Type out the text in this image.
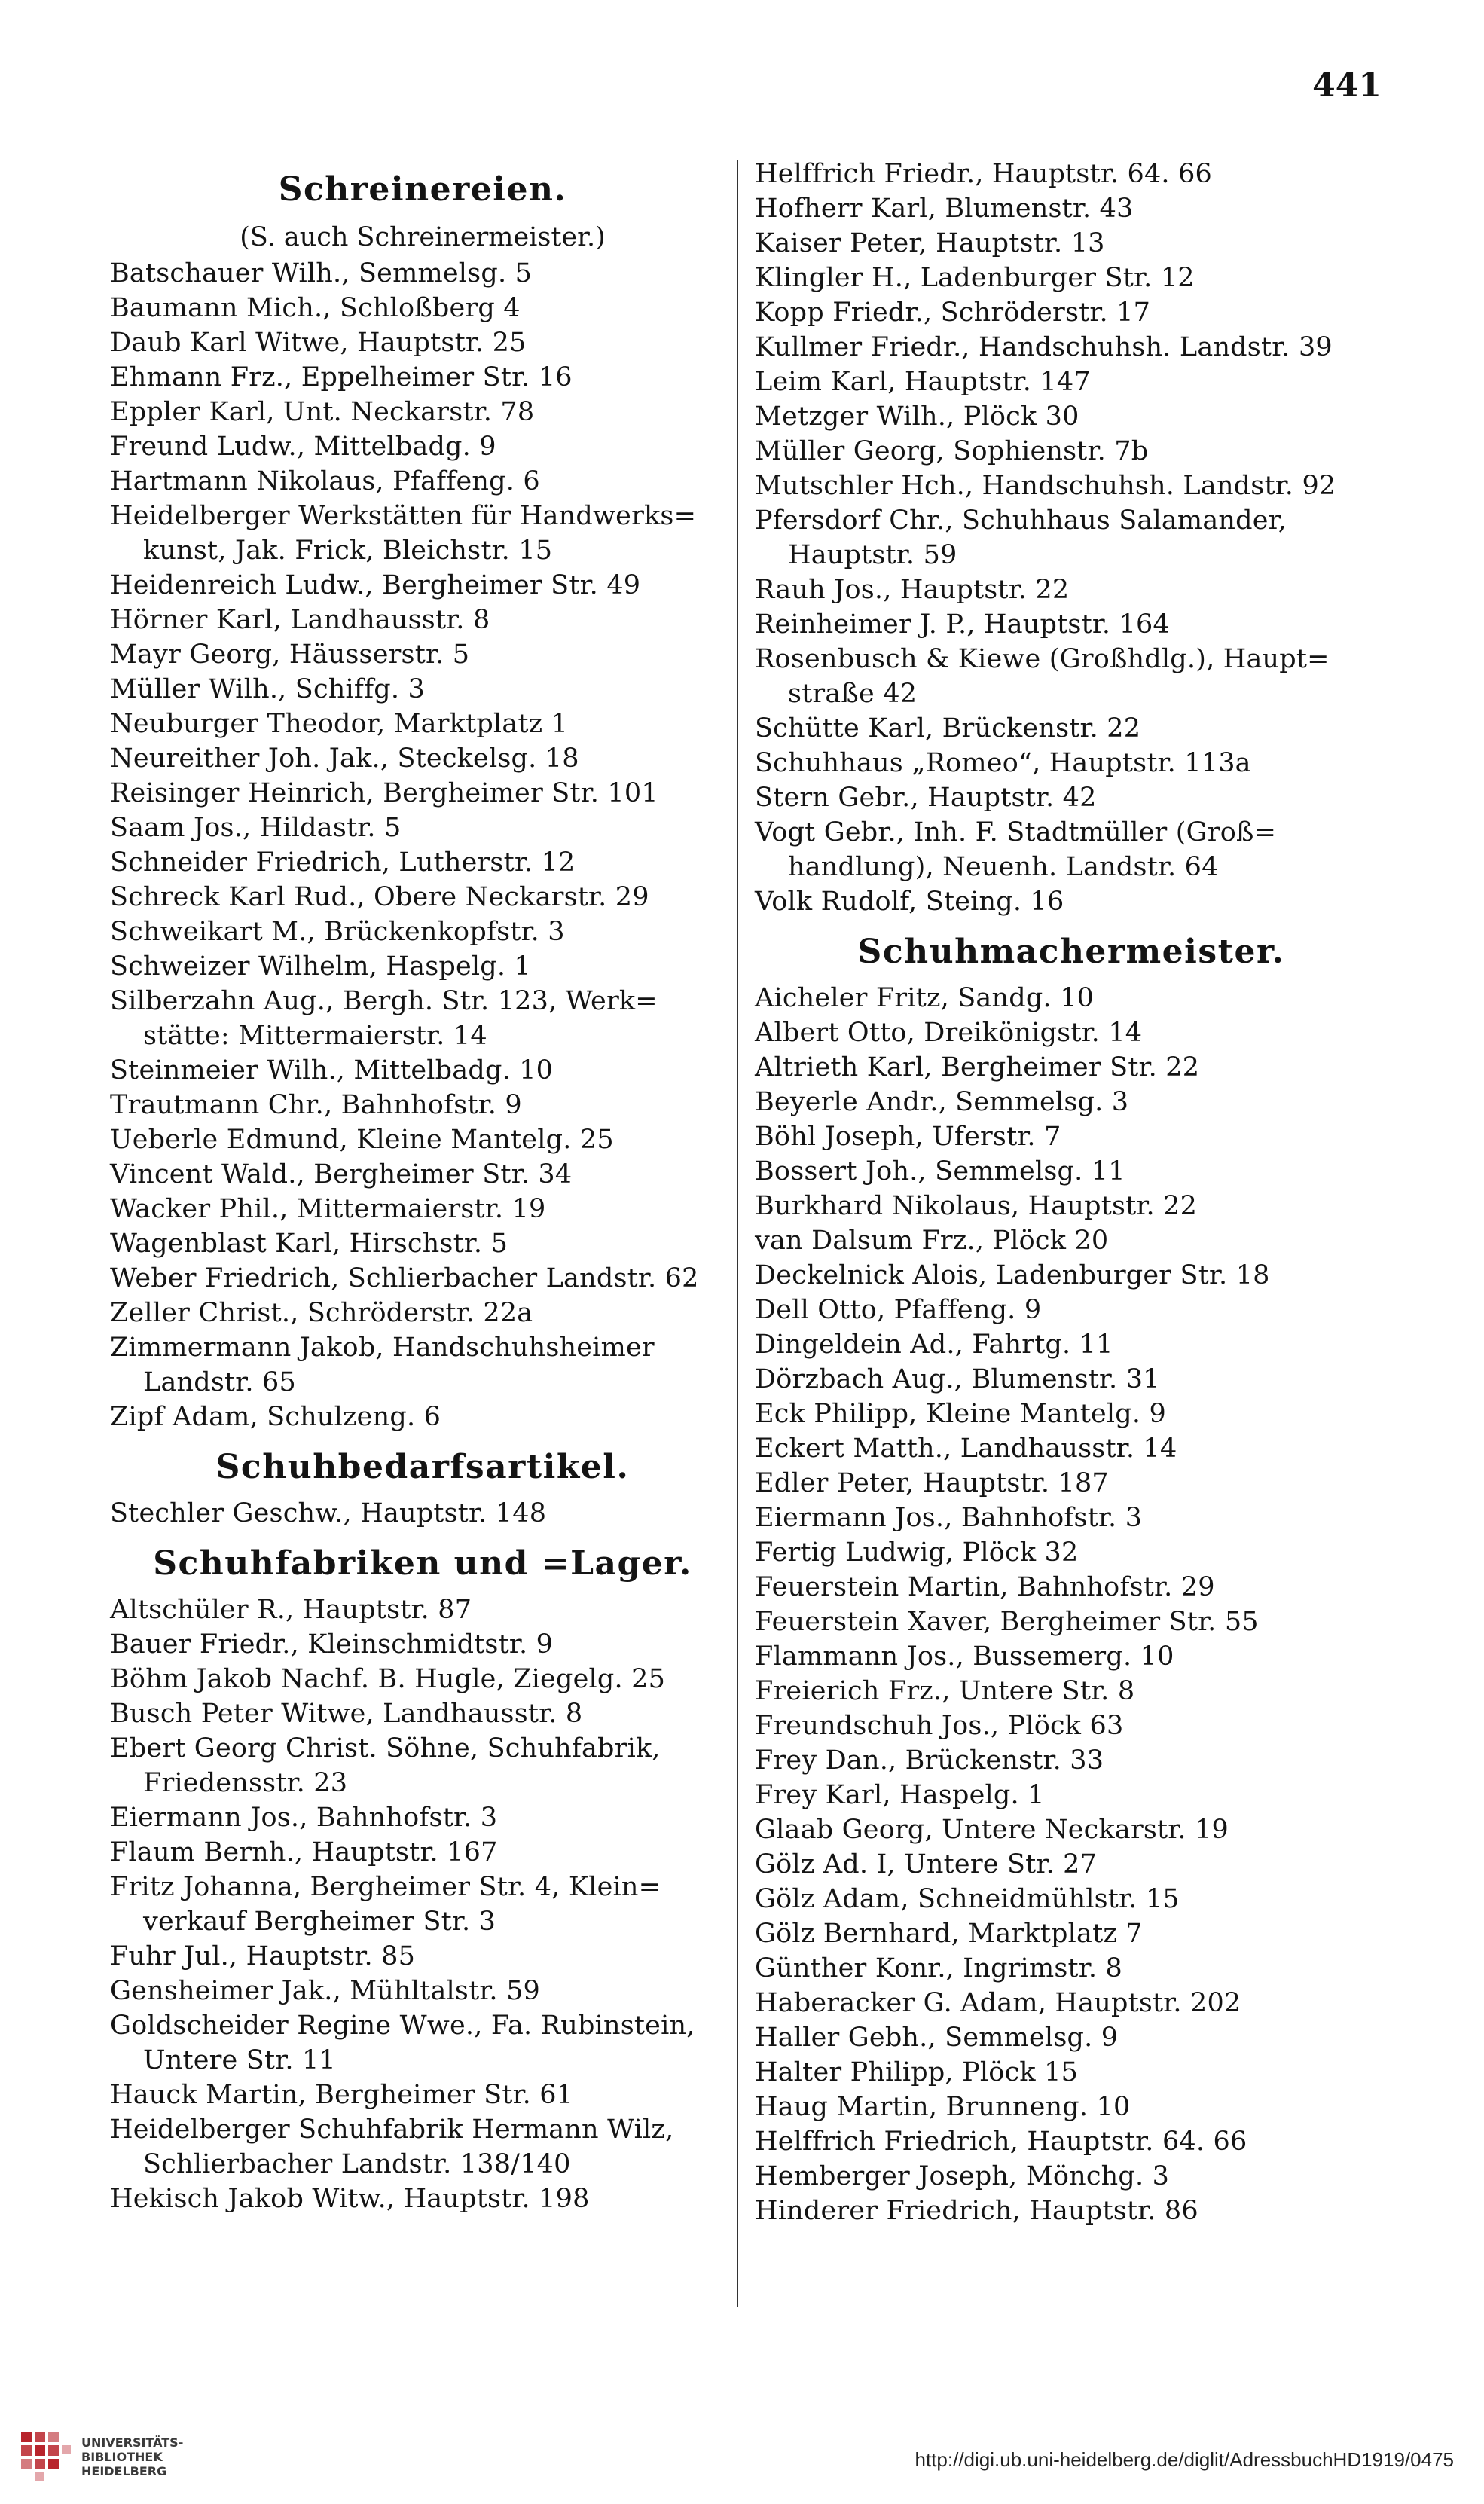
441
Schreinereien.
(S. auch Schreinermeister.)
Batschauer Wilh., Semmelsg. 5
Baumann Mich., Schloßberg 4
Daub Karl Witwe, Hauptstr. 25
Ehmann Frz., Eppelheimer Str. 16
Eppler Karl, Unt. Neckarstr. 78
Freund Ludw., Mittelbadg. 9
Hartmann Nikolaus, Pfaffeng. 6
Heidelberger Werkstätten für Handwerks=
kunst, Jak. Frick, Bleichstr. 15
Heidenreich Ludw., Bergheimer Str. 49
Hörner Karl, Landhausstr. 8
Mayr Georg, Häusserstr. 5
Müller Wilh., Schiffg. 3
Neuburger Theodor, Marktplatz 1
Neureither Joh. Jak., Steckelsg. 18
Reisinger Heinrich, Bergheimer Str. 101
Saam Jos., Hildastr. 5
Schneider Friedrich, Lutherstr. 12
Schreck Karl Rud., Obere Neckarstr. 29
Schweikart M., Brückenkopfstr. 3
Schweizer Wilhelm, Haspelg. 1
Silberzahn Aug., Bergh. Str. 123, Werk=
stätte: Mittermaierstr. 14
Steinmeier Wilh., Mittelbadg. 10
Trautmann Chr., Bahnhofstr. 9
Ueberle Edmund, Kleine Mantelg. 25
Vincent Wald., Bergheimer Str. 34
Wacker Phil., Mittermaierstr. 19
Wagenblast Karl, Hirschstr. 5
Weber Friedrich, Schlierbacher Landstr. 62
Zeller Christ., Schröderstr. 22a
Zimmermann Jakob, Handschuhsheimer
Landstr. 65
Zipf Adam, Schulzeng. 6
Schuhbedarfsartikel.
Stechler Geschw., Hauptstr. 148
Schuhfabriken und =Lager.
Altschüler R., Hauptstr. 87
Bauer Friedr., Kleinschmidtstr. 9
Böhm Jakob Nachf. B. Hugle, Ziegelg. 25
Busch Peter Witwe, Landhausstr. 8
Ebert Georg Christ. Söhne, Schuhfabrik,
Friedensstr. 23
Eiermann Jos., Bahnhofstr. 3
Flaum Bernh., Hauptstr. 167
Fritz Johanna, Bergheimer Str. 4, Klein=
verkauf Bergheimer Str. 3
Fuhr Jul., Hauptstr. 85
Gensheimer Jak., Mühltalstr. 59
Goldscheider Regine Wwe., Fa. Rubinstein,
Untere Str. 11
Hauck Martin, Bergheimer Str. 61
Heidelberger Schuhfabrik Hermann Wilz,
Schlierbacher Landstr. 138/140
Hekisch Jakob Witw., Hauptstr. 198
Helffrich Friedr., Hauptstr. 64. 66
Hofherr Karl, Blumenstr. 43
Kaiser Peter, Hauptstr. 13
Klingler H., Ladenburger Str. 12
Kopp Friedr., Schröderstr. 17
Kullmer Friedr., Handschuhsh. Landstr. 39
Leim Karl, Hauptstr. 147
Metzger Wilh., Plöck 30
Müller Georg, Sophienstr. 7b
Mutschler Hch., Handschuhsh. Landstr. 92
Pfersdorf Chr., Schuhhaus Salamander,
Hauptstr. 59
Rauh Jos., Hauptstr. 22
Reinheimer J. P., Hauptstr. 164
Rosenbusch & Kiewe (Großhdlg.), Haupt=
straße 42
Schütte Karl, Brückenstr. 22
Schuhhaus „Romeo“, Hauptstr. 113a
Stern Gebr., Hauptstr. 42
Vogt Gebr., Inh. F. Stadtmüller (Groß=
handlung), Neuenh. Landstr. 64
Volk Rudolf, Steing. 16
Schuhmachermeister.
Aicheler Fritz, Sandg. 10
Albert Otto, Dreikönigstr. 14
Altrieth Karl, Bergheimer Str. 22
Beyerle Andr., Semmelsg. 3
Böhl Joseph, Uferstr. 7
Bossert Joh., Semmelsg. 11
Burkhard Nikolaus, Hauptstr. 22
van Dalsum Frz., Plöck 20
Deckelnick Alois, Ladenburger Str. 18
Dell Otto, Pfaffeng. 9
Dingeldein Ad., Fahrtg. 11
Dörzbach Aug., Blumenstr. 31
Eck Philipp, Kleine Mantelg. 9
Eckert Matth., Landhausstr. 14
Edler Peter, Hauptstr. 187
Eiermann Jos., Bahnhofstr. 3
Fertig Ludwig, Plöck 32
Feuerstein Martin, Bahnhofstr. 29
Feuerstein Xaver, Bergheimer Str. 55
Flammann Jos., Bussemerg. 10
Freierich Frz., Untere Str. 8
Freundschuh Jos., Plöck 63
Frey Dan., Brückenstr. 33
Frey Karl, Haspelg. 1
Glaab Georg, Untere Neckarstr. 19
Gölz Ad. I, Untere Str. 27
Gölz Adam, Schneidmühlstr. 15
Gölz Bernhard, Marktplatz 7
Günther Konr., Ingrimstr. 8
Haberacker G. Adam, Hauptstr. 202
Haller Gebh., Semmelsg. 9
Halter Philipp, Plöck 15
Haug Martin, Brunneng. 10
Helffrich Friedrich, Hauptstr. 64. 66
Hemberger Joseph, Mönchg. 3
Hinderer Friedrich, Hauptstr. 86
UNIVERSITÄTS-
BIBLIOTHEK
HEIDELBERG	http://digi.ub.uni-heidelberg.de/diglit/AdressbuchHD1919/0475
